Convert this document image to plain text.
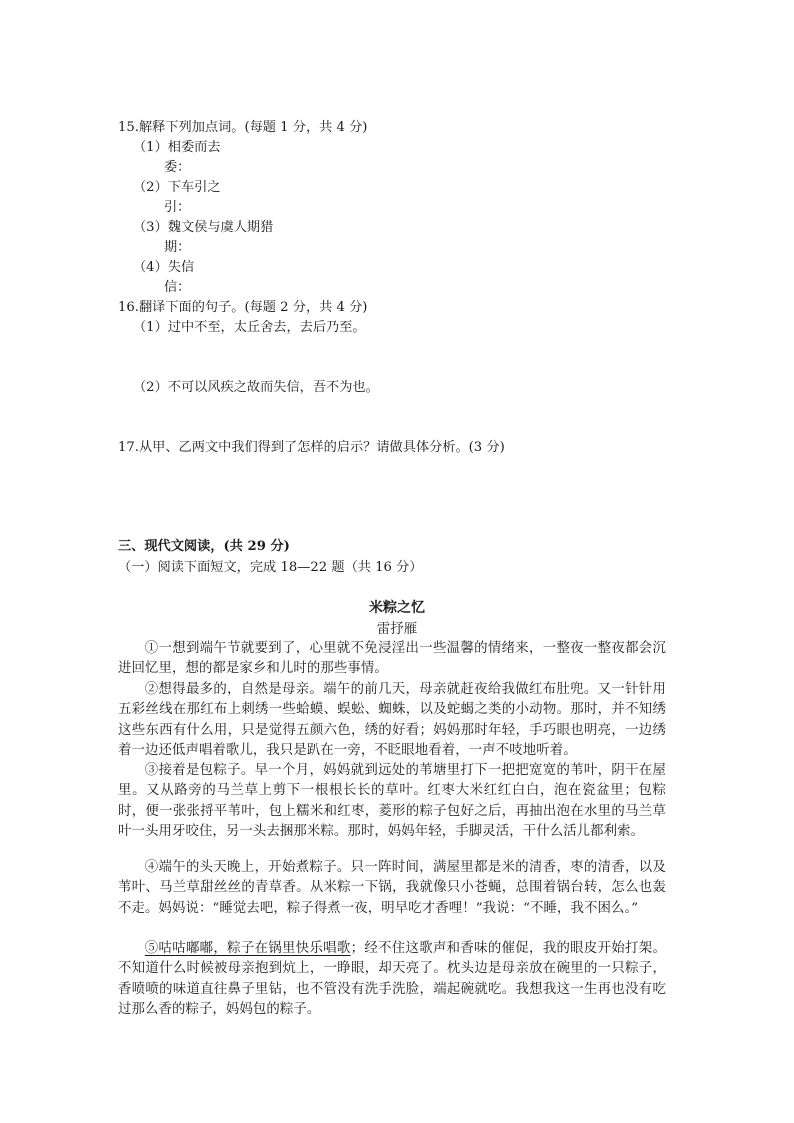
15.解释下列加点词。(每题 1 分，共 4 分)
（1）相委而去
委：
（2）下车引之
引：
（3）魏文侯与虞人期猎
期：
（4）失信
信：
16.翻译下面的句子。(每题 2 分，共 4 分)
（1）过中不至，太丘舍去，去后乃至。
（2）不可以风疾之故而失信，吾不为也。
17.从甲、乙两文中我们得到了怎样的启示？请做具体分析。(3 分)
三、现代文阅读，(共 29 分)
（一）阅读下面短文，完成 18—22 题（共 16 分）
米粽之忆
雷抒雁
①一想到端午节就要到了，心里就不免浸淫出一些温馨的情绪来，一整夜一整夜都会沉进回忆里，想的都是家乡和儿时的那些事情。
②想得最多的，自然是母亲。端午的前几天，母亲就赶夜给我做红布肚兜。又一针针用五彩丝线在那红布上刺绣一些蛤蟆、蜈蚣、蜘蛛，以及蛇蝎之类的小动物。那时，并不知绣这些东西有什么用，只是觉得五颜六色，绣的好看；妈妈那时年轻，手巧眼也明亮，一边绣着一边还低声唱着歌儿，我只是趴在一旁，不眨眼地看着，一声不吱地听着。
③接着是包粽子。早一个月，妈妈就到远处的苇塘里打下一把把宽宽的苇叶，阴干在屋里。又从路旁的马兰草上剪下一根根长长的草叶。红枣大米红红白白，泡在瓷盆里；包粽时，便一张张捋平苇叶，包上糯米和红枣，菱形的粽子包好之后，再抽出泡在水里的马兰草叶一头用牙咬住，另一头去捆那米粽。那时，妈妈年轻，手脚灵活，干什么活儿都利索。
④端午的头天晚上，开始煮粽子。只一阵时间，满屋里都是米的清香，枣的清香，以及苇叶、马兰草甜丝丝的青草香。从米粽一下锅，我就像只小苍蝇，总围着锅台转，怎么也轰不走。妈妈说：“睡觉去吧，粽子得煮一夜，明早吃才香哩！”我说：“不睡，我不困么。”
⑤咕咕嘟嘟，粽子在锅里快乐唱歌；经不住这歌声和香味的催促，我的眼皮开始打架。不知道什么时候被母亲抱到炕上，一睁眼，却天亮了。枕头边是母亲放在碗里的一只粽子，香喷喷的味道直往鼻子里钻，也不管没有洗手洗脸，端起碗就吃。我想我这一生再也没有吃过那么香的粽子，妈妈包的粽子。
